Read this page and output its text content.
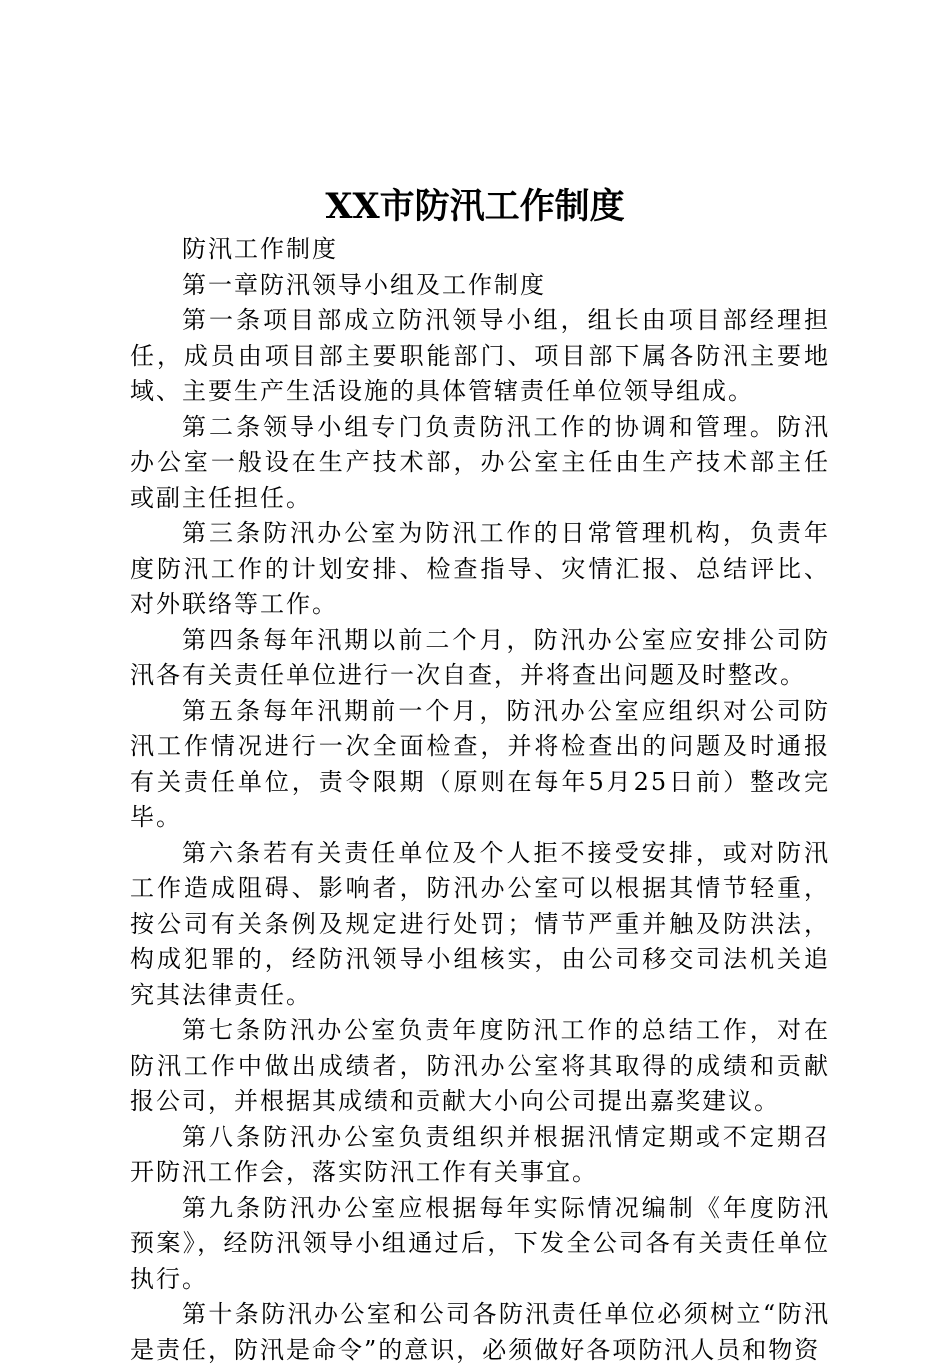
XX市防汛工作制度

防汛工作制度

第一章防汛领导小组及工作制度

第一条项目部成立防汛领导小组，组长由项目部经理担任，成员由项目部主要职能部门、项目部下属各防汛主要地域、主要生产生活设施的具体管辖责任单位领导组成。

第二条领导小组专门负责防汛工作的协调和管理。防汛办公室一般设在生产技术部，办公室主任由生产技术部主任或副主任担任。

第三条防汛办公室为防汛工作的日常管理机构，负责年度防汛工作的计划安排、检查指导、灾情汇报、总结评比、对外联络等工作。

第四条每年汛期以前二个月，防汛办公室应安排公司防汛各有关责任单位进行一次自查，并将查出问题及时整改。

第五条每年汛期前一个月，防汛办公室应组织对公司防汛工作情况进行一次全面检查，并将检查出的问题及时通报有关责任单位，责令限期（原则在每年5月25日前）整改完毕。

第六条若有关责任单位及个人拒不接受安排，或对防汛工作造成阻碍、影响者，防汛办公室可以根据其情节轻重，按公司有关条例及规定进行处罚；情节严重并触及防洪法，构成犯罪的，经防汛领导小组核实，由公司移交司法机关追究其法律责任。

第七条防汛办公室负责年度防汛工作的总结工作，对在防汛工作中做出成绩者，防汛办公室将其取得的成绩和贡献报公司，并根据其成绩和贡献大小向公司提出嘉奖建议。

第八条防汛办公室负责组织并根据汛情定期或不定期召开防汛工作会，落实防汛工作有关事宜。

第九条防汛办公室应根据每年实际情况编制《年度防汛预案》，经防汛领导小组通过后，下发全公司各有关责任单位执行。

第十条防汛办公室和公司各防汛责任单位必须树立“防汛是责任，防汛是命令”的意识，必须做好各项防汛人员和物资
